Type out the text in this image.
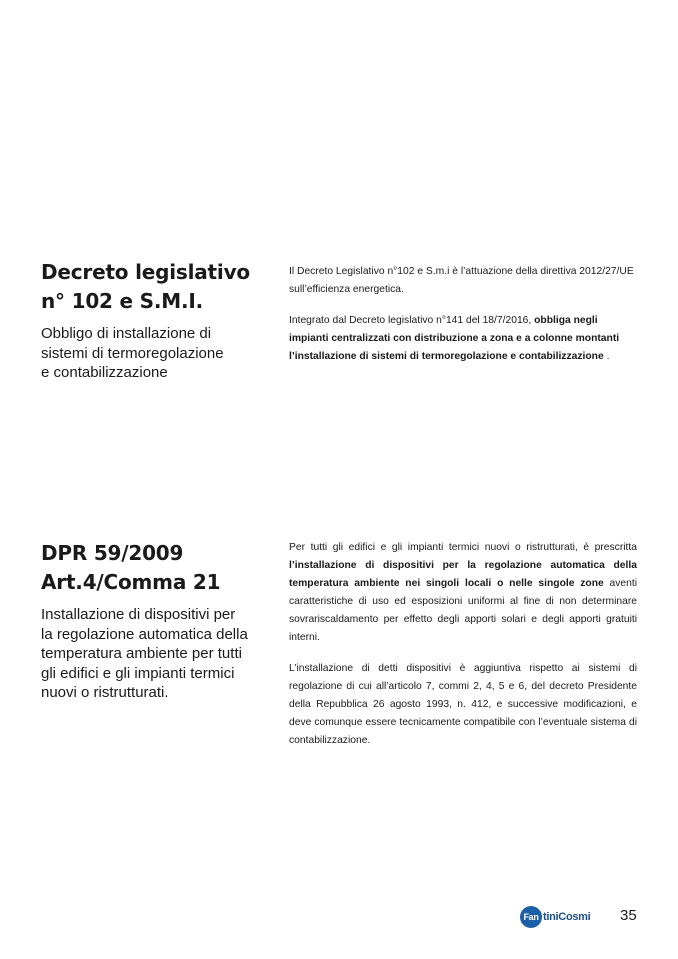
Decreto legislativo
n° 102 e S.M.I.

Obbligo di installazione di
sistemi di termoregolazione
e contabilizzazione

Il Decreto Legislativo n°102 e S.m.i è l’attuazione della direttiva 2012/27/UE sull’efficienza energetica.

Integrato dal Decreto legislativo n°141 del 18/7/2016, obbliga negli impianti centralizzati con distribuzione a zona e a colonne montanti l’installazione di sistemi di termoregolazione e contabilizzazione .

DPR 59/2009
Art.4/Comma 21

Installazione di dispositivi per
la regolazione automatica della
temperatura ambiente per tutti
gli edifici e gli impianti termici
nuovi o ristrutturati.

Per tutti gli edifici e gli impianti termici nuovi o ristrutturati, è prescritta l’installazione di dispositivi per la regolazione automatica della temperatura ambiente nei singoli locali o nelle singole zone aventi caratteristiche di uso ed esposizioni uniformi al fine di non determinare sovrariscaldamento per effetto degli apporti solari e degli apporti gratuiti interni.

L’installazione di detti dispositivi è aggiuntiva rispetto ai sistemi di regolazione di cui all’articolo 7, commi 2, 4, 5 e 6, del decreto Presidente della Repubblica 26 agosto 1993, n. 412, e successive modificazioni, e deve comunque essere tecnicamente compatibile con l’eventuale sistema di contabilizzazione.

Fan tiniCosmi 35
